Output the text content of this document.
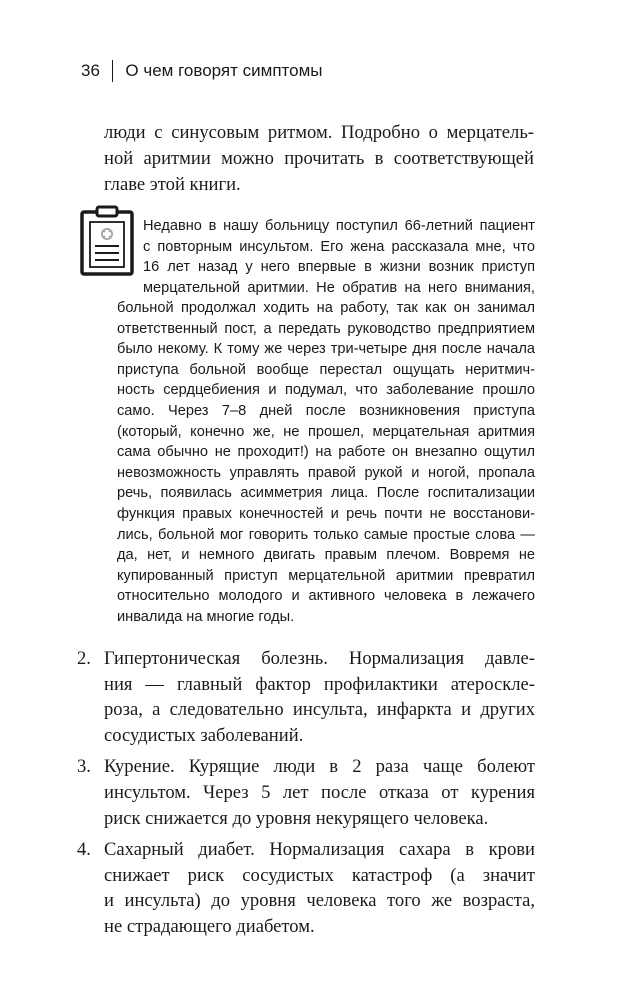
36	О чем говорят симптомы
люди с синусовым ритмом. Подробно о мерцатель-
ной аритмии можно прочитать в соответствующей
главе этой книги.
Недавно в нашу больницу поступил 66-летний пациент
с повторным инсультом. Его жена рассказала мне, что
16 лет назад у него впервые в жизни возник приступ
мерцательной аритмии. Не обратив на него внимания,
больной продолжал ходить на работу, так как он занимал
ответственный пост, а передать руководство предприятием
было некому. К тому же через три-четыре дня после начала
приступа больной вообще перестал ощущать неритмич-
ность сердцебиения и подумал, что заболевание прошло
само. Через 7–8 дней после возникновения приступа
(который, конечно же, не прошел, мерцательная аритмия
сама обычно не проходит!) на работе он внезапно ощутил
невозможность управлять правой рукой и ногой, пропала
речь, появилась асимметрия лица. После госпитализации
функция правых конечностей и речь почти не восстанови-
лись, больной мог говорить только самые простые слова —
да, нет, и немного двигать правым плечом. Вовремя не
купированный приступ мерцательной аритмии превратил
относительно молодого и активного человека в лежачего
инвалида на многие годы.
2. Гипертоническая болезнь. Нормализация давле-
ния — главный фактор профилактики атероскле-
роза, а следовательно инсульта, инфаркта и других
сосудистых заболеваний.
3. Курение. Курящие люди в 2 раза чаще болеют
инсультом. Через 5 лет после отказа от курения
риск снижается до уровня некурящего человека.
4. Сахарный диабет. Нормализация сахара в крови
снижает риск сосудистых катастроф (а значит
и инсульта) до уровня человека того же возраста,
не страдающего диабетом.
